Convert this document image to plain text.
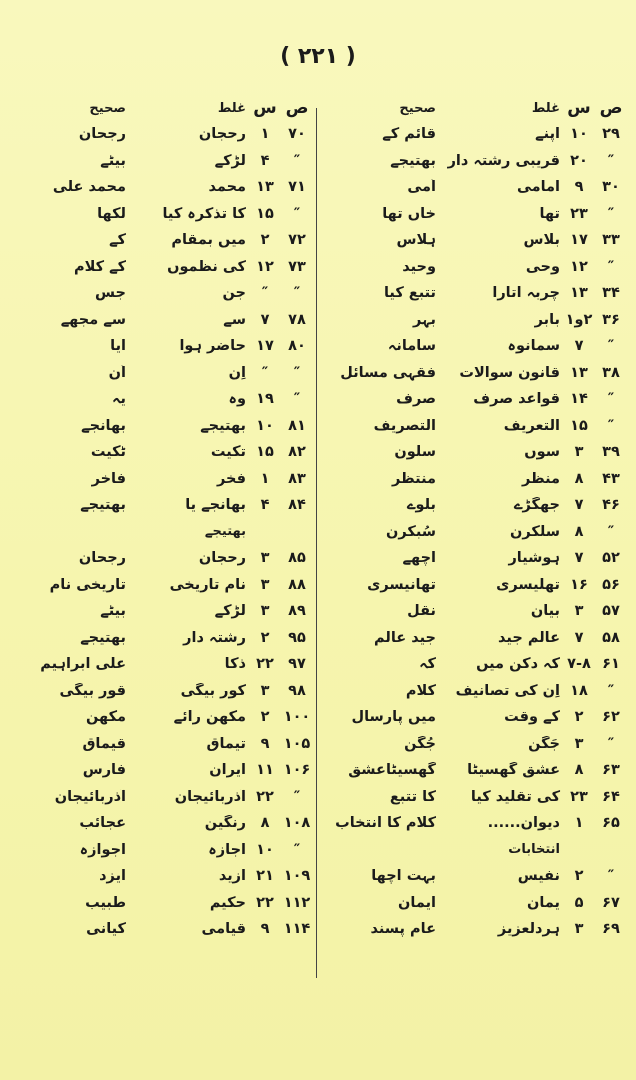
( ۲۲۱ )
ص
س
غلط
صحیح
۲۹
۱۰
اپنے
قائم کے
″
۲۰
قریبی رشتہ دار
بھتیجے
۳۰
۹
امامی
اُمی
″
۲۳
تھا
خاں تھا
۳۳
۱۷
بلاس
ہلاس
″
۱۲
وحی
وحید
۳۴
۱۳
چربہ اتارا
تتبع کیا
۳۶
۲و۱
بابر
بہر
″
۷
سمانوہ
سامانہ
۳۸
۱۳
قانون سوالات
فقہی مسائل
″
۱۴
قواعد صرف
صرف
″
۱۵
التعریف
التصریف
۳۹
۳
سوں
سلون
۴۳
۸
منظر
منتظر
۴۶
۷
جھگڑے
بلوے
″
۸
سلکرن
سُبکرن
۵۲
۷
ہوشیار
اچھے
۵۶
۱۶
تھلیسری
تھانیسری
۵۷
۳
بیان
نقل
۵۸
۷
عالم جید
جید عالم
۶۱
۷-۸
کہ دکن میں
کہ
″
۱۸
اِن کی تصانیف
کلام
۶۲
۲
کے وقت
میں پارسال
″
۳
جَگن
جُگّن
۶۳
۸
عشق گھسیٹا
گھسیٹاعشق
۶۴
۲۳
کی تقلید کیا
کا تتبع
۶۵
۱
دیوان......
کلام کا انتخاب
انتخابات
″
۲
نفیس
بہت اچھا
۶۷
۵
یمان
ایمان
۶۹
۳
ہردلعزیز
عام پسند
ص
س
غلط
صحیح
۷۰
۱
رحجان
رجحان
″
۴
لڑکے
بیٹے
۷۱
۱۳
محمد
محمد علی
″
۱۵
کا تذکرہ کیا
لکھا
۷۲
۲
میں بمقام
کے
۷۳
۱۲
کی نظموں
کے کلام
″
″
جن
جس
۷۸
۷
سے
سے مجھے
۸۰
۱۷
حاضر ہوا
آیا
″
″
اِن
اُن
″
۱۹
وہ
یہ
۸۱
۱۰
بھتیجے
بھانجے
۸۲
۱۵
تکیت
ٹکیت
۸۳
۱
فخر
فاخر
۸۴
۴
بھانجے یا
بھتیجے
بھتیجے
۸۵
۳
رحجان
رجحان
۸۸
۳
نام تاریخی
تاریخی نام
۸۹
۳
لڑکے
بیٹے
۹۵
۲
رشتہ دار
بھتیجے
۹۷
۲۲
ذکا
علی ابراہیم
۹۸
۳
کور بیگی
قور بیگی
۱۰۰
۲
مکھن رائے
مکھن
۱۰۵
۹
تیماق
قیماق
۱۰۶
۱۱
ایران
فارس
″
۲۲
آذربائیجان
آذربائیجان
۱۰۸
۸
رنگین
عجائب
″
۱۰
اجازہ
اجوازہ
۱۰۹
۲۱
ازید
ایزد
۱۱۲
۲۲
حکیم
طبیب
۱۱۴
۹
قیامی
کیانی
